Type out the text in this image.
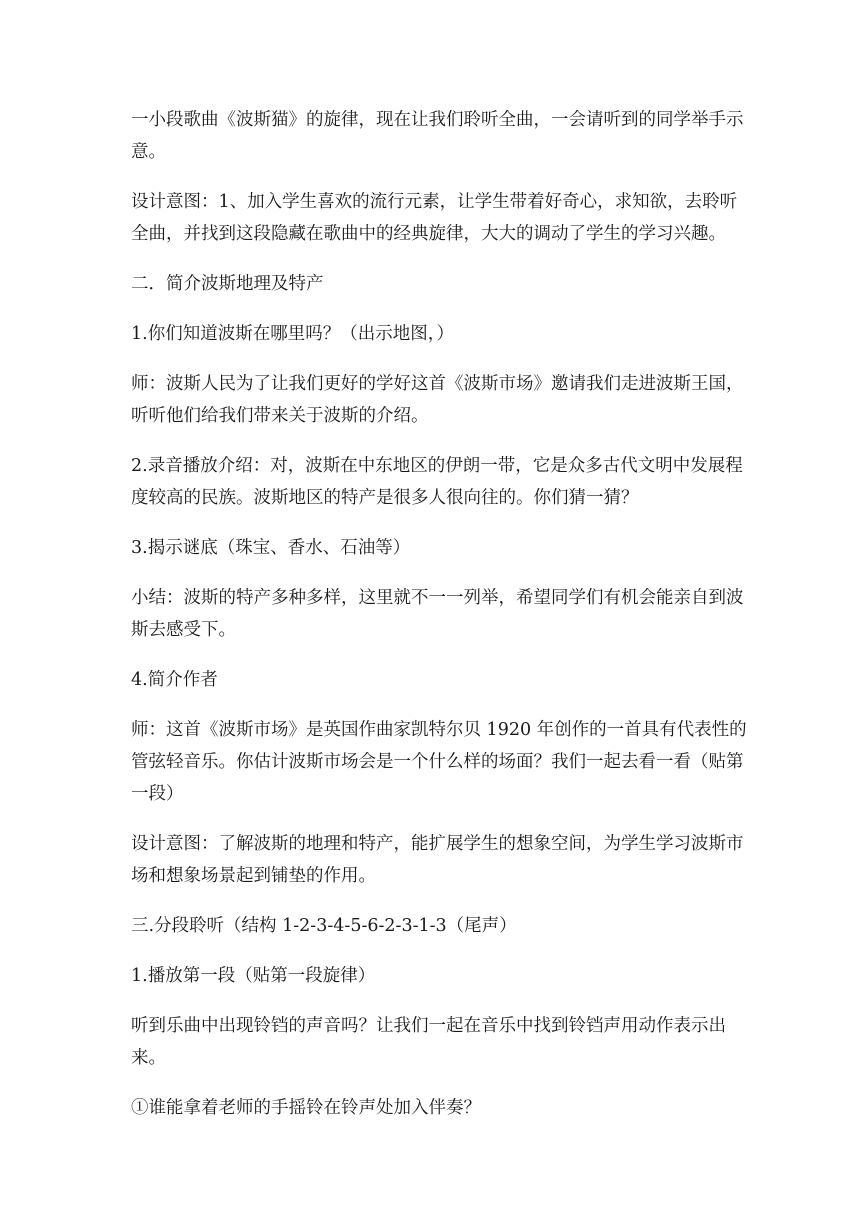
一小段歌曲《波斯猫》的旋律，现在让我们聆听全曲，一会请听到的同学举手示
意。

设计意图：1、加入学生喜欢的流行元素，让学生带着好奇心，求知欲，去聆听
全曲，并找到这段隐藏在歌曲中的经典旋律，大大的调动了学生的学习兴趣。

二．简介波斯地理及特产

1.你们知道波斯在哪里吗？（出示地图，）

师：波斯人民为了让我们更好的学好这首《波斯市场》邀请我们走进波斯王国，
听听他们给我们带来关于波斯的介绍。

2.录音播放介绍：对，波斯在中东地区的伊朗一带，它是众多古代文明中发展程
度较高的民族。波斯地区的特产是很多人很向往的。你们猜一猜？

3.揭示谜底（珠宝、香水、石油等）

小结：波斯的特产多种多样，这里就不一一列举，希望同学们有机会能亲自到波
斯去感受下。

4.简介作者

师：这首《波斯市场》是英国作曲家凯特尔贝 1920 年创作的一首具有代表性的
管弦轻音乐。你估计波斯市场会是一个什么样的场面？我们一起去看一看（贴第
一段）

设计意图：了解波斯的地理和特产，能扩展学生的想象空间，为学生学习波斯市
场和想象场景起到铺垫的作用。

三.分段聆听（结构 1-2-3-4-5-6-2-3-1-3（尾声）

1.播放第一段（贴第一段旋律）

听到乐曲中出现铃铛的声音吗？让我们一起在音乐中找到铃铛声用动作表示出
来。

①谁能拿着老师的手摇铃在铃声处加入伴奏？
